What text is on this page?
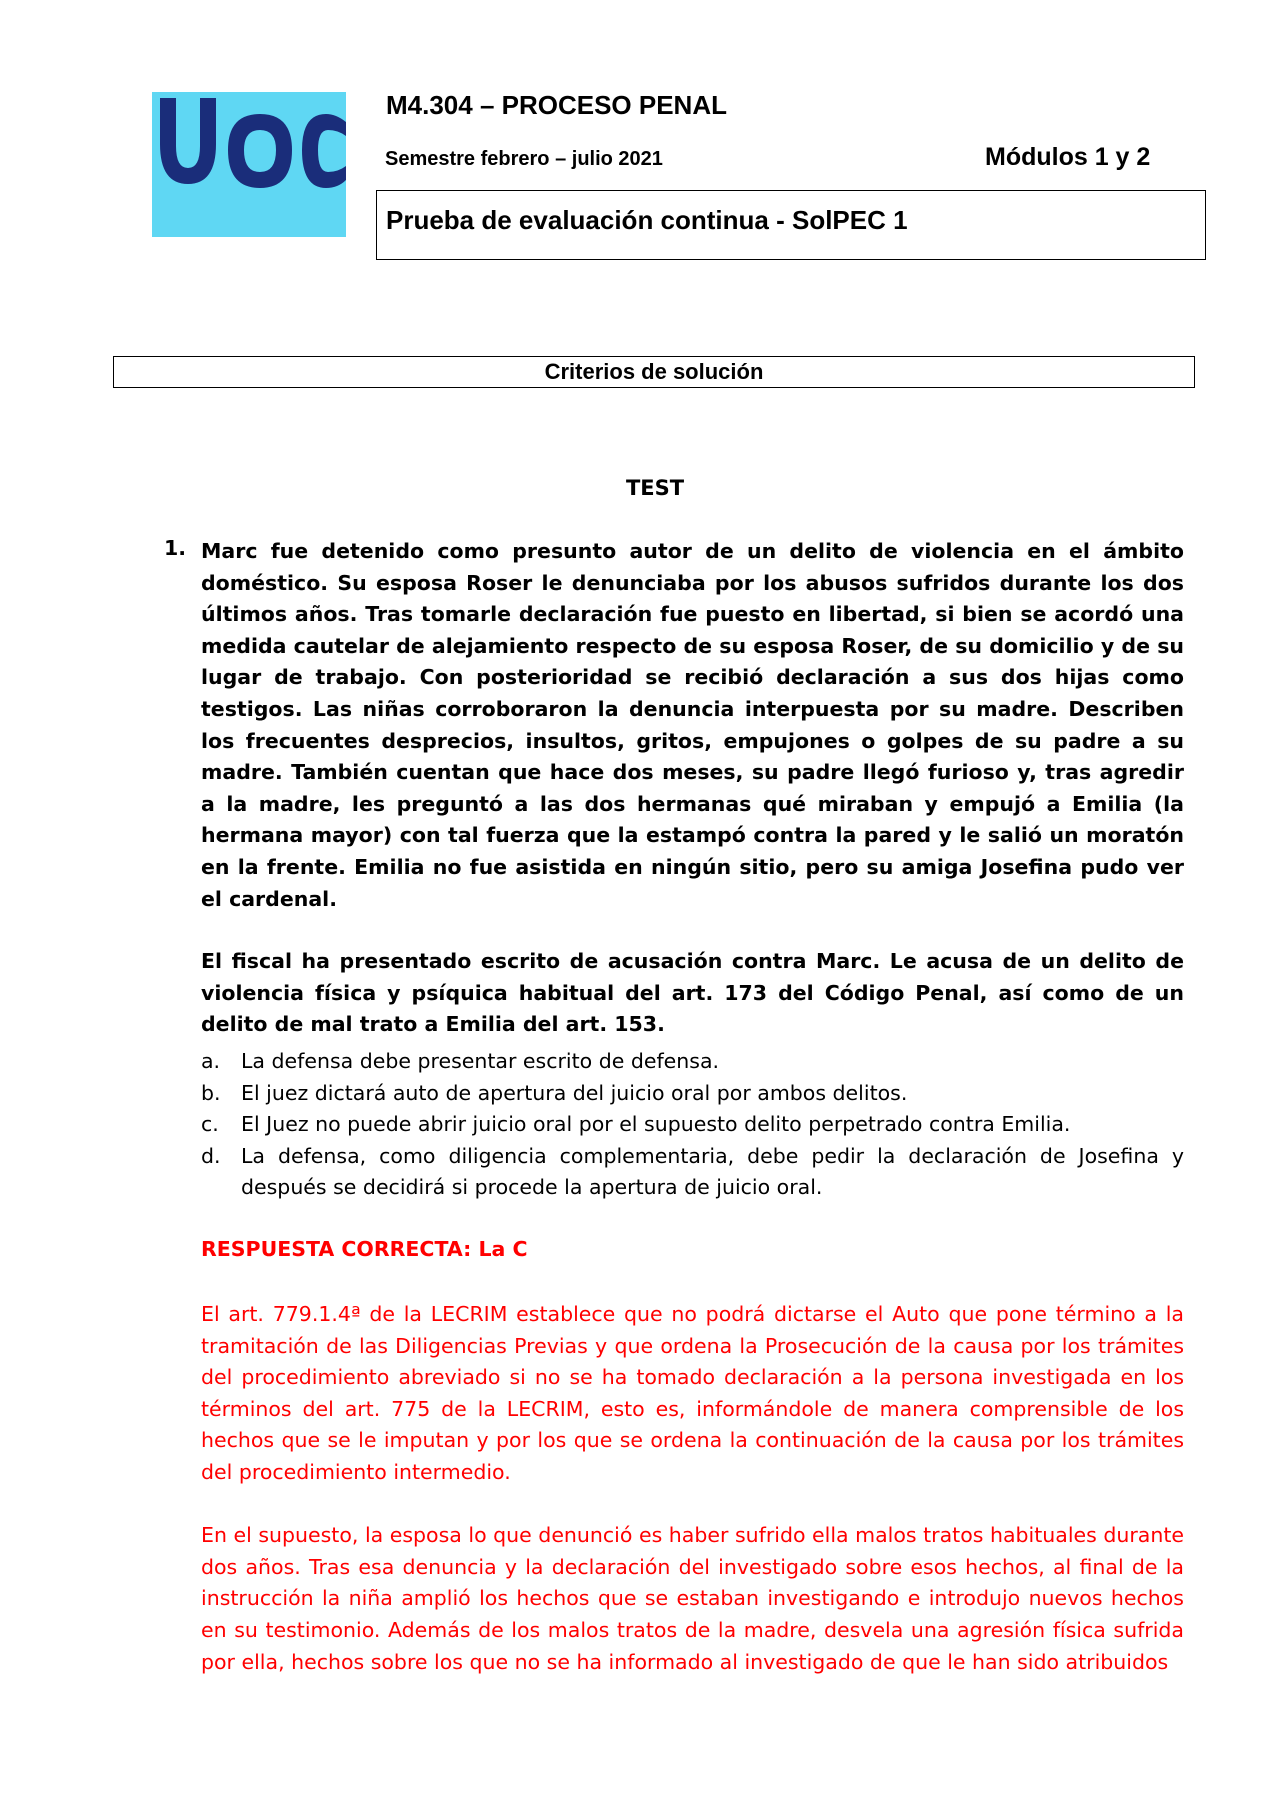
M4.304 – PROCESO PENAL
Semestre febrero – julio 2021	Módulos 1 y 2
Prueba de evaluación continua - SolPEC 1
Criterios de solución
TEST
1. Marc fue detenido como presunto autor de un delito de violencia en el ámbito doméstico. Su esposa Roser le denunciaba por los abusos sufridos durante los dos últimos años. Tras tomarle declaración fue puesto en libertad, si bien se acordó una medida cautelar de alejamiento respecto de su esposa Roser, de su domicilio y de su lugar de trabajo. Con posterioridad se recibió declaración a sus dos hijas como testigos. Las niñas corroboraron la denuncia interpuesta por su madre. Describen los frecuentes desprecios, insultos, gritos, empujones o golpes de su padre a su madre. También cuentan que hace dos meses, su padre llegó furioso y, tras agredir a la madre, les preguntó a las dos hermanas qué miraban y empujó a Emilia (la hermana mayor) con tal fuerza que la estampó contra la pared y le salió un moratón en la frente. Emilia no fue asistida en ningún sitio, pero su amiga Josefina pudo ver el cardenal.

El fiscal ha presentado escrito de acusación contra Marc. Le acusa de un delito de violencia física y psíquica habitual del art. 173 del Código Penal, así como de un delito de mal trato a Emilia del art. 153.

a. La defensa debe presentar escrito de defensa.
b. El juez dictará auto de apertura del juicio oral por ambos delitos.
c. El Juez no puede abrir juicio oral por el supuesto delito perpetrado contra Emilia.
d. La defensa, como diligencia complementaria, debe pedir la declaración de Josefina y después se decidirá si procede la apertura de juicio oral.
RESPUESTA CORRECTA: La C

El art. 779.1.4ª de la LECRIM establece que no podrá dictarse el Auto que pone término a la tramitación de las Diligencias Previas y que ordena la Prosecución de la causa por los trámites del procedimiento abreviado si no se ha tomado declaración a la persona investigada en los términos del art. 775 de la LECRIM, esto es, informándole de manera comprensible de los hechos que se le imputan y por los que se ordena la continuación de la causa por los trámites del procedimiento intermedio.

En el supuesto, la esposa lo que denunció es haber sufrido ella malos tratos habituales durante dos años. Tras esa denuncia y la declaración del investigado sobre esos hechos, al final de la instrucción la niña amplió los hechos que se estaban investigando e introdujo nuevos hechos en su testimonio. Además de los malos tratos de la madre, desvela una agresión física sufrida por ella, hechos sobre los que no se ha informado al investigado de que le han sido atribuidos
